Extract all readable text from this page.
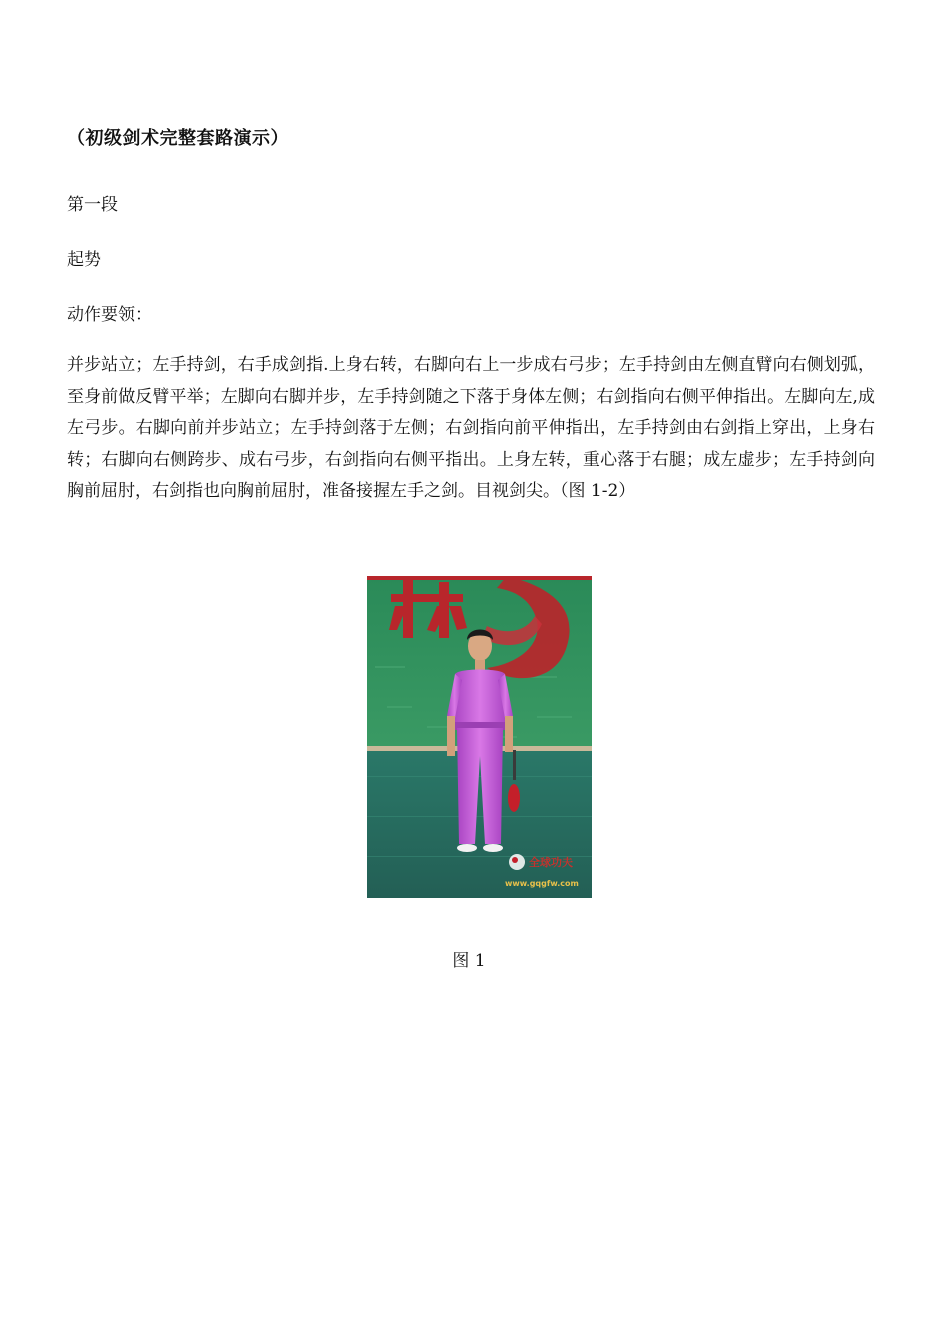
（初级剑术完整套路演示）

第一段

起势

动作要领：

并步站立；左手持剑，右手成剑指.上身右转，右脚向右上一步成右弓步；左手持剑由左侧直臂向右侧划弧，至身前做反臂平举；左脚向右脚并步，左手持剑随之下落于身体左侧；右剑指向右侧平伸指出。左脚向左,成左弓步。右脚向前并步站立；左手持剑落于左侧；右剑指向前平伸指出，左手持剑由右剑指上穿出，上身右转；右脚向右侧跨步、成右弓步，右剑指向右侧平指出。上身左转，重心落于右腿；成左虚步；左手持剑向胸前屈肘，右剑指也向胸前屈肘，准备接握左手之剑。目视剑尖。（图 1-2）

全球功夫
www.gqgfw.com

图 1
